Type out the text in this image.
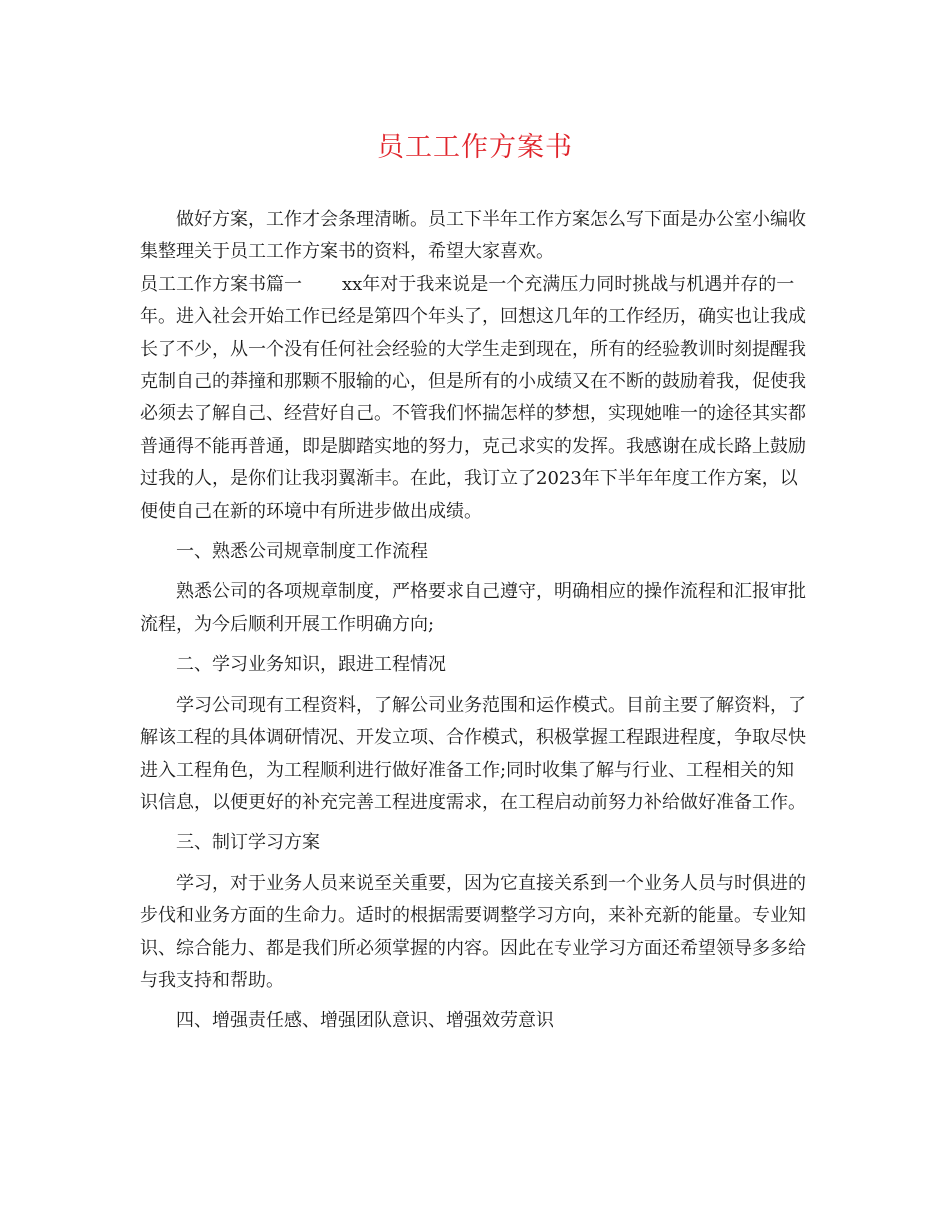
员工工作方案书

做好方案，工作才会条理清晰。员工下半年工作方案怎么写下面是办公室小编收集整理关于员工工作方案书的资料，希望大家喜欢。

员工工作方案书篇一 xx年对于我来说是一个充满压力同时挑战与机遇并存的一年。进入社会开始工作已经是第四个年头了，回想这几年的工作经历，确实也让我成长了不少，从一个没有任何社会经验的大学生走到现在，所有的经验教训时刻提醒我克制自己的莽撞和那颗不服输的心，但是所有的小成绩又在不断的鼓励着我，促使我必须去了解自己、经营好自己。不管我们怀揣怎样的梦想，实现她唯一的途径其实都普通得不能再普通，即是脚踏实地的努力，克己求实的发挥。我感谢在成长路上鼓励过我的人，是你们让我羽翼渐丰。在此，我订立了2023年下半年年度工作方案，以便使自己在新的环境中有所进步做出成绩。

一、熟悉公司规章制度工作流程

熟悉公司的各项规章制度，严格要求自己遵守，明确相应的操作流程和汇报审批流程，为今后顺利开展工作明确方向;

二、学习业务知识，跟进工程情况

学习公司现有工程资料，了解公司业务范围和运作模式。目前主要了解资料，了解该工程的具体调研情况、开发立项、合作模式，积极掌握工程跟进程度，争取尽快进入工程角色，为工程顺利进行做好准备工作;同时收集了解与行业、工程相关的知识信息，以便更好的补充完善工程进度需求，在工程启动前努力补给做好准备工作。

三、制订学习方案

学习，对于业务人员来说至关重要，因为它直接关系到一个业务人员与时俱进的步伐和业务方面的生命力。适时的根据需要调整学习方向，来补充新的能量。专业知识、综合能力、都是我们所必须掌握的内容。因此在专业学习方面还希望领导多多给与我支持和帮助。

四、增强责任感、增强团队意识、增强效劳意识
